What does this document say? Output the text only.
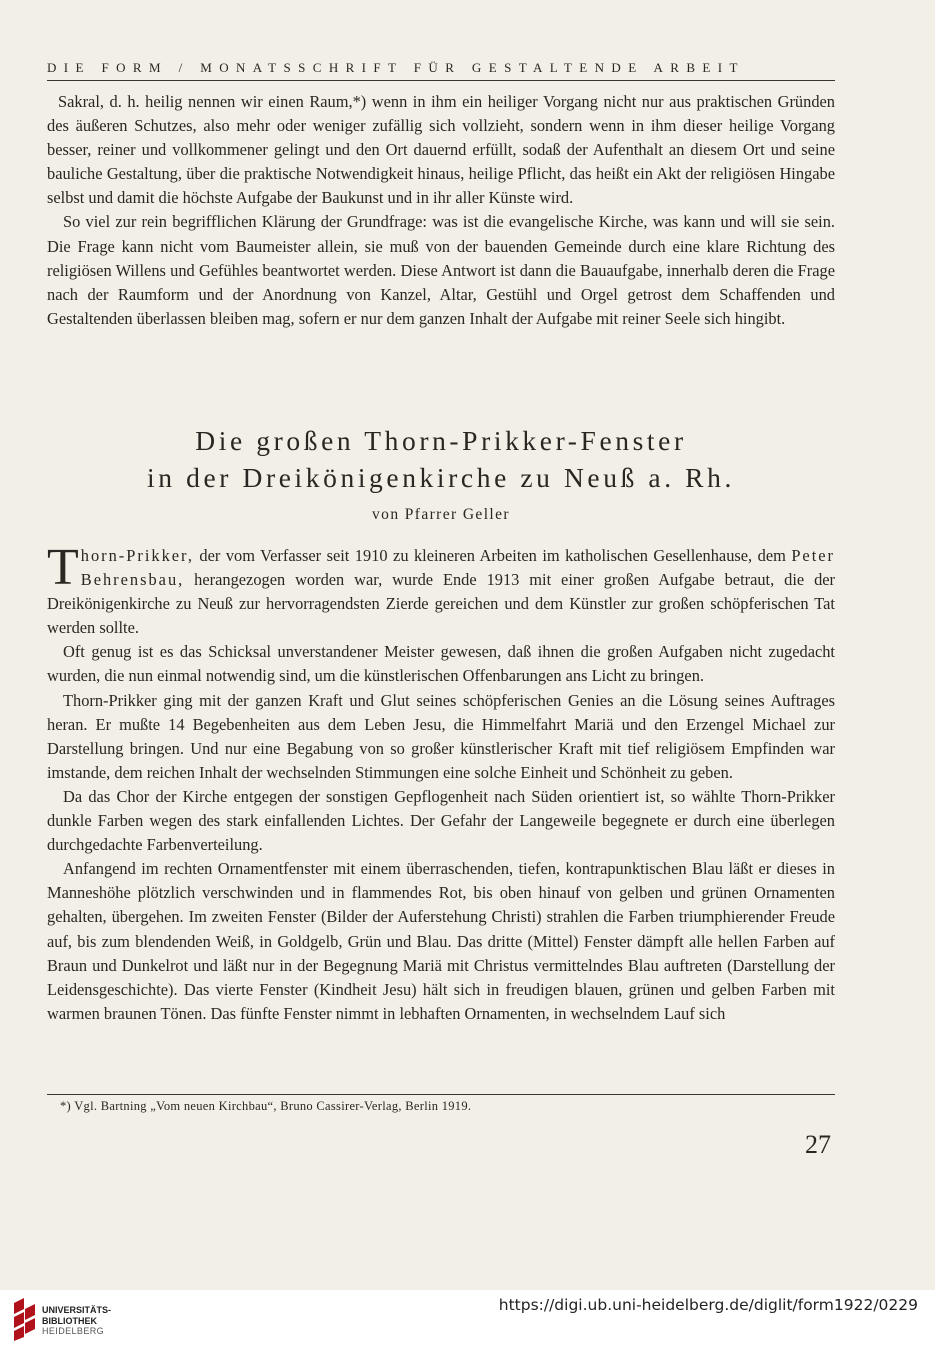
DIE FORM / MONATSSCHRIFT FÜR GESTALTENDE ARBEIT

Sakral, d. h. heilig nennen wir einen Raum,*) wenn in ihm ein heiliger Vorgang nicht nur aus praktischen Gründen des äußeren Schutzes, also mehr oder weniger zufällig sich vollzieht, sondern wenn in ihm dieser heilige Vorgang besser, reiner und vollkommener gelingt und den Ort dauernd erfüllt, sodaß der Aufenthalt an diesem Ort und seine bauliche Gestaltung, über die praktische Notwendigkeit hinaus, heilige Pflicht, das heißt ein Akt der religiösen Hingabe selbst und damit die höchste Aufgabe der Baukunst und in ihr aller Künste wird.

So viel zur rein begrifflichen Klärung der Grundfrage: was ist die evangelische Kirche, was kann und will sie sein. Die Frage kann nicht vom Baumeister allein, sie muß von der bauenden Gemeinde durch eine klare Richtung des religiösen Willens und Gefühles beantwortet werden. Diese Antwort ist dann die Bauaufgabe, innerhalb deren die Frage nach der Raumform und der Anordnung von Kanzel, Altar, Gestühl und Orgel getrost dem Schaffenden und Gestaltenden überlassen bleiben mag, sofern er nur dem ganzen Inhalt der Aufgabe mit reiner Seele sich hingibt.

Die großen Thorn-Prikker-Fenster
in der Dreikönigenkirche zu Neuß a. Rh.
von Pfarrer Geller

Thorn-Prikker, der vom Verfasser seit 1910 zu kleineren Arbeiten im katholischen Gesellenhause, dem Peter Behrensbau, herangezogen worden war, wurde Ende 1913 mit einer großen Aufgabe betraut, die der Dreikönigenkirche zu Neuß zur hervorragendsten Zierde gereichen und dem Künstler zur großen schöpferischen Tat werden sollte.

Oft genug ist es das Schicksal unverstandener Meister gewesen, daß ihnen die großen Aufgaben nicht zugedacht wurden, die nun einmal notwendig sind, um die künstlerischen Offenbarungen ans Licht zu bringen.

Thorn-Prikker ging mit der ganzen Kraft und Glut seines schöpferischen Genies an die Lösung seines Auftrages heran. Er mußte 14 Begebenheiten aus dem Leben Jesu, die Himmelfahrt Mariä und den Erzengel Michael zur Darstellung bringen. Und nur eine Begabung von so großer künstlerischer Kraft mit tief religiösem Empfinden war imstande, dem reichen Inhalt der wechselnden Stimmungen eine solche Einheit und Schönheit zu geben.

Da das Chor der Kirche entgegen der sonstigen Gepflogenheit nach Süden orientiert ist, so wählte Thorn-Prikker dunkle Farben wegen des stark einfallenden Lichtes. Der Gefahr der Langeweile begegnete er durch eine überlegen durchgedachte Farbenverteilung.

Anfangend im rechten Ornamentfenster mit einem überraschenden, tiefen, kontrapunktischen Blau läßt er dieses in Manneshöhe plötzlich verschwinden und in flammendes Rot, bis oben hinauf von gelben und grünen Ornamenten gehalten, übergehen. Im zweiten Fenster (Bilder der Auferstehung Christi) strahlen die Farben triumphierender Freude auf, bis zum blendenden Weiß, in Goldgelb, Grün und Blau. Das dritte (Mittel) Fenster dämpft alle hellen Farben auf Braun und Dunkelrot und läßt nur in der Begegnung Mariä mit Christus vermittelndes Blau auftreten (Darstellung der Leidensgeschichte). Das vierte Fenster (Kindheit Jesu) hält sich in freudigen blauen, grünen und gelben Farben mit warmen braunen Tönen. Das fünfte Fenster nimmt in lebhaften Ornamenten, in wechselndem Lauf sich

*) Vgl. Bartning „Vom neuen Kirchbau“, Bruno Cassirer-Verlag, Berlin 1919.
27
UNIVERSITÄTS-
BIBLIOTHEK
HEIDELBERG
https://digi.ub.uni-heidelberg.de/diglit/form1922/0229
